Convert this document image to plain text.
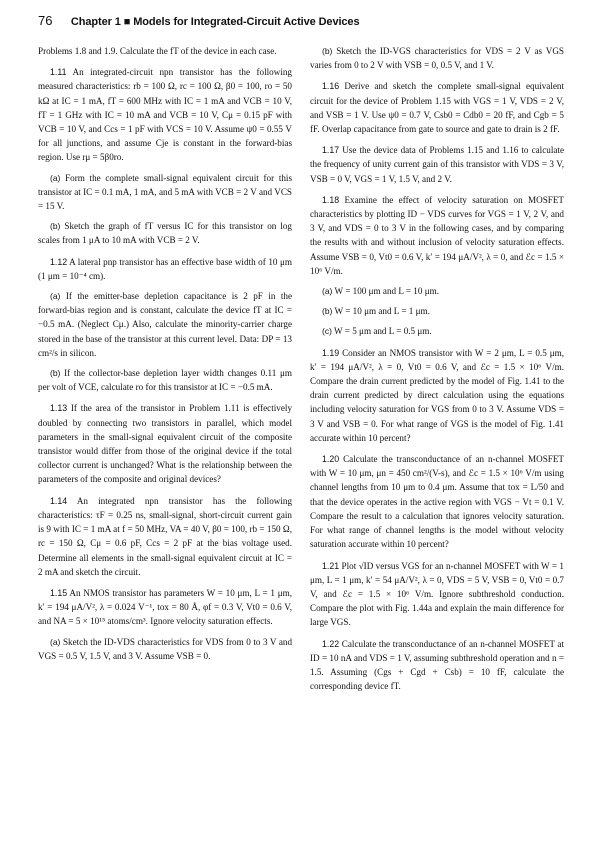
76 Chapter 1 ■ Models for Integrated-Circuit Active Devices

Problems 1.8 and 1.9. Calculate the fT of the device in each case.

1.11 An integrated-circuit npn transistor has the following measured characteristics: rb = 100 Ω, rc = 100 Ω, β0 = 100, ro = 50 kΩ at IC = 1 mA, fT = 600 MHz with IC = 1 mA and VCB = 10 V, fT = 1 GHz with IC = 10 mA and VCB = 10 V, Cμ = 0.15 pF with VCB = 10 V, and Ccs = 1 pF with VCS = 10 V. Assume ψ0 = 0.55 V for all junctions, and assume Cje is constant in the forward-bias region. Use rμ = 5β0ro.

(a) Form the complete small-signal equivalent circuit for this transistor at IC = 0.1 mA, 1 mA, and 5 mA with VCB = 2 V and VCS = 15 V.

(b) Sketch the graph of fT versus IC for this transistor on log scales from 1 μA to 10 mA with VCB = 2 V.

1.12 A lateral pnp transistor has an effective base width of 10 μm (1 μm = 10⁻⁴ cm).

(a) If the emitter-base depletion capacitance is 2 pF in the forward-bias region and is constant, calculate the device fT at IC = −0.5 mA. (Neglect Cμ.) Also, calculate the minority-carrier charge stored in the base of the transistor at this current level. Data: DP = 13 cm²/s in silicon.

(b) If the collector-base depletion layer width changes 0.11 μm per volt of VCE, calculate ro for this transistor at IC = −0.5 mA.

1.13 If the area of the transistor in Problem 1.11 is effectively doubled by connecting two transistors in parallel, which model parameters in the small-signal equivalent circuit of the composite transistor would differ from those of the original device if the total collector current is unchanged? What is the relationship between the parameters of the composite and original devices?

1.14 An integrated npn transistor has the following characteristics: τF = 0.25 ns, small-signal, short-circuit current gain is 9 with IC = 1 mA at f = 50 MHz, VA = 40 V, β0 = 100, rb = 150 Ω, rc = 150 Ω, Cμ = 0.6 pF, Ccs = 2 pF at the bias voltage used. Determine all elements in the small-signal equivalent circuit at IC = 2 mA and sketch the circuit.

1.15 An NMOS transistor has parameters W = 10 μm, L = 1 μm, k′ = 194 μA/V², λ = 0.024 V⁻¹, tox = 80 Å, φf = 0.3 V, Vt0 = 0.6 V, and NA = 5 × 10¹⁵ atoms/cm³. Ignore velocity saturation effects.

(a) Sketch the ID-VDS characteristics for VDS from 0 to 3 V and VGS = 0.5 V, 1.5 V, and 3 V. Assume VSB = 0.

(b) Sketch the ID-VGS characteristics for VDS = 2 V as VGS varies from 0 to 2 V with VSB = 0, 0.5 V, and 1 V.

1.16 Derive and sketch the complete small-signal equivalent circuit for the device of Problem 1.15 with VGS = 1 V, VDS = 2 V, and VSB = 1 V. Use ψ0 = 0.7 V, Csb0 = Cdb0 = 20 fF, and Cgb = 5 fF. Overlap capacitance from gate to source and gate to drain is 2 fF.

1.17 Use the device data of Problems 1.15 and 1.16 to calculate the frequency of unity current gain of this transistor with VDS = 3 V, VSB = 0 V, VGS = 1 V, 1.5 V, and 2 V.

1.18 Examine the effect of velocity saturation on MOSFET characteristics by plotting ID − VDS curves for VGS = 1 V, 2 V, and 3 V, and VDS = 0 to 3 V in the following cases, and by comparing the results with and without inclusion of velocity saturation effects. Assume VSB = 0, Vt0 = 0.6 V, k′ = 194 μA/V², λ = 0, and ℰc = 1.5 × 10⁶ V/m.

(a) W = 100 μm and L = 10 μm.

(b) W = 10 μm and L = 1 μm.

(c) W = 5 μm and L = 0.5 μm.

1.19 Consider an NMOS transistor with W = 2 μm, L = 0.5 μm, k′ = 194 μA/V², λ = 0, Vt0 = 0.6 V, and ℰc = 1.5 × 10⁶ V/m. Compare the drain current predicted by the model of Fig. 1.41 to the drain current predicted by direct calculation using the equations including velocity saturation for VGS from 0 to 3 V. Assume VDS = 3 V and VSB = 0. For what range of VGS is the model of Fig. 1.41 accurate within 10 percent?

1.20 Calculate the transconductance of an n-channel MOSFET with W = 10 μm, μn = 450 cm²/(V-s), and ℰc = 1.5 × 10⁶ V/m using channel lengths from 10 μm to 0.4 μm. Assume that tox = L/50 and that the device operates in the active region with VGS − Vt = 0.1 V. Compare the result to a calculation that ignores velocity saturation. For what range of channel lengths is the model without velocity saturation accurate within 10 percent?

1.21 Plot √ID versus VGS for an n-channel MOSFET with W = 1 μm, L = 1 μm, k′ = 54 μA/V², λ = 0, VDS = 5 V, VSB = 0, Vt0 = 0.7 V, and ℰc = 1.5 × 10⁶ V/m. Ignore subthreshold conduction. Compare the plot with Fig. 1.44a and explain the main difference for large VGS.

1.22 Calculate the transconductance of an n-channel MOSFET at ID = 10 nA and VDS = 1 V, assuming subthreshold operation and n = 1.5. Assuming (Cgs + Cgd + Csb) = 10 fF, calculate the corresponding device fT.
